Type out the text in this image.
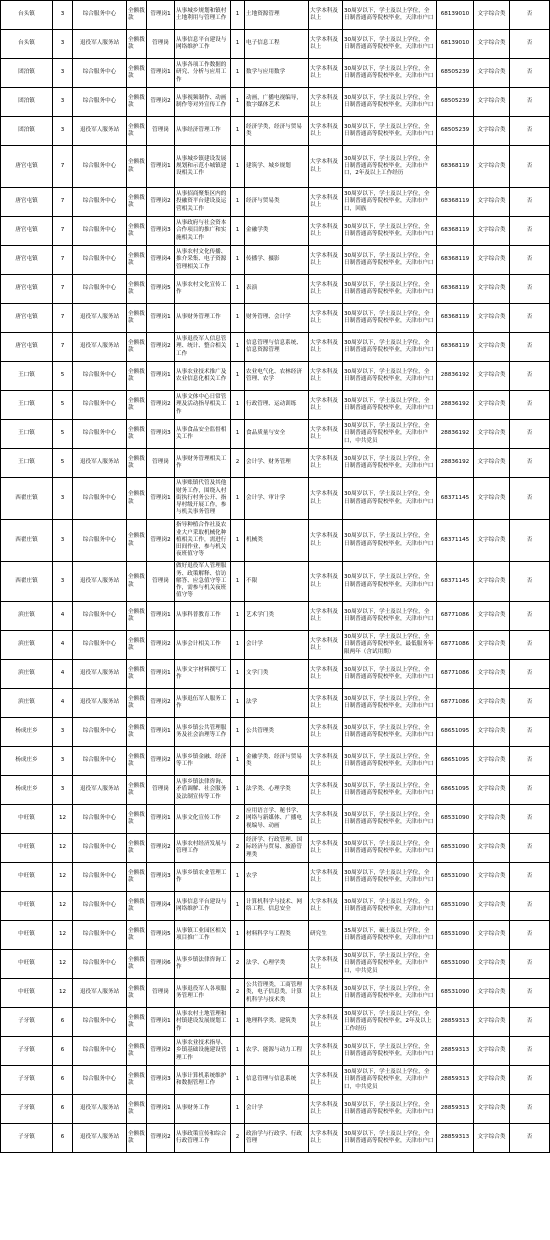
台头镇	3	综合服务中心	全额拨款	管理岗1	从事城乡规划和镇村土地利用与管理工作	1	土地资源管理	大学本科及以上	30周岁以下，学士及以上学位，全日制普通高等院校毕业，天津市户口	68139010	文字综合类	否
台头镇	3	退役军人服务站	全额拨款	管理岗	从事信息平台建设与网络维护工作	1	电子信息工程	大学本科及以上	30周岁以下，学士及以上学位，全日制普通高等院校毕业，天津市户口	68139010	文字综合类	否
团泊镇	3	综合服务中心	全额拨款	管理岗1	从事各项工作数据的研究、分析与应用工作	1	数学与应用数学	大学本科及以上	30周岁以下，学士及以上学位，全日制普通高等院校毕业，天津市户口	68505239	文字综合类	否
团泊镇	3	综合服务中心	全额拨款	管理岗2	从事视频制作、动画制作等对外宣传工作	1	动画，广播电视编导，数字媒体艺术	大学本科及以上	30周岁以下，学士及以上学位，全日制普通高等院校毕业，天津市户口	68505239	文字综合类	否
团泊镇	3	退役军人服务站	全额拨款	管理岗	从事经济管理工作	1	经济学类，经济与贸易类	大学本科及以上	30周岁以下，学士及以上学位，全日制普通高等院校毕业，天津市户口	68505239	文字综合类	否
唐官屯镇	7	综合服务中心	全额拨款	管理岗1	从事城乡镇建设发展规划和示范小城镇建设相关工作	1	建筑学、城乡规划	大学本科及以上	30周岁以下，学士及以上学位，全日制普通高等院校毕业，天津市户口，2年及以上工作经历	68368119	文字综合类	否
唐官屯镇	7	综合服务中心	全额拨款	管理岗2	从事招商聚集区内的投融资平台建设及运营相关工作	1	经济与贸易类	大学本科及以上	30周岁以下，学士及以上学位，全日制普通高等院校毕业，天津市户口，回族	68368119	文字综合类	否
唐官屯镇	7	综合服务中心	全额拨款	管理岗3	从事政府与社会资本合作项目的推广和实施相关工作	1	金融学类	大学本科及以上	30周岁以下，学士及以上学位，全日制普通高等院校毕业，天津市户口	68368119	文字综合类	否
唐官屯镇	7	综合服务中心	全额拨款	管理岗4	从事农村文化传播、推介采集、电子资源管理相关工作	1	传播学、摄影	大学本科及以上	30周岁以下，学士及以上学位，全日制普通高等院校毕业，天津市户口	68368119	文字综合类	否
唐官屯镇	7	综合服务中心	全额拨款	管理岗5	从事农村文化宣传工作	1	表演	大学本科及以上	30周岁以下，学士及以上学位，全日制普通高等院校毕业，天津市户口	68368119	文字综合类	否
唐官屯镇	7	退役军人服务站	全额拨款	管理岗1	从事财务管理工作	1	财务管理、会计学	大学本科及以上	30周岁以下，学士及以上学位，全日制普通高等院校毕业，天津市户口	68368119	文字综合类	否
唐官屯镇	7	退役军人服务站	全额拨款	管理岗2	从事退役军人信息管理、统计、整合相关工作	1	信息管理与信息系统、信息资源管理	大学本科及以上	30周岁以下，学士及以上学位，全日制普通高等院校毕业，天津市户口	68368119	文字综合类	否
王口镇	5	综合服务中心	全额拨款	管理岗1	从事农业技术推广及农业信息化相关工作	1	农业电气化、农林经济管理、农学	大学本科及以上	30周岁以下，学士及以上学位，全日制普通高等院校毕业，天津市户口	28836192	文字综合类	否
王口镇	5	综合服务中心	全额拨款	管理岗2	从事文体中心日常管理及活动指导相关工作	1	行政管理、运动训练	大学本科及以上	30周岁以下，学士及以上学位，全日制普通高等院校毕业，天津市户口	28836192	文字综合类	否
王口镇	5	综合服务中心	全额拨款	管理岗3	从事食品安全监督相关工作	1	食品质量与安全	大学本科及以上	30周岁以下，学士及以上学位，全日制普通高等院校毕业，天津市户口，中共党员	28836192	文字综合类	否
王口镇	5	退役军人服务站	全额拨款	管理岗	从事财务管理相关工作	2	会计学、财务管理	大学本科及以上	30周岁以下，学士及以上学位，全日制普通高等院校毕业，天津市户口	28836192	文字综合类	否
西翟庄镇	3	综合服务中心	全额拨款	管理岗1	从事账镇代管及其他财务工作，围绕入村街执行村务公开、指导村级开展工作，参与机关事务管理	1	会计学、审计学	大学本科及以上	30周岁以下，学士及以上学位，全日制普通高等院校毕业，天津市户口	68371145	文字综合类	否
西翟庄镇	3	综合服务中心	全额拨款	管理岗2	指导种植合作社及农业大户采取机械化种植相关工作，需进行田间作业，参与机关夜班值守等	1	机械类	大学本科及以上	30周岁以下，学士及以上学位，全日制普通高等院校毕业，天津市户口	68371145	文字综合类	否
西翟庄镇	3	退役军人服务站	全额拨款	管理岗	做好退役军人管理服务、政策解释、信访解答、应急值守等工作，需参与机关夜班值守等	1	不限	大学本科及以上	30周岁以下，学士及以上学位，全日制普通高等院校毕业，天津市户口	68371145	文字综合类	否
滨庄镇	4	综合服务中心	全额拨款	管理岗1	从事科普教育工作	1	艺术学门类	大学本科及以上	30周岁以下，学士及以上学位，全日制普通高等院校毕业，天津市户口	68771086	文字综合类	否
滨庄镇	4	综合服务中心	全额拨款	管理岗2	从事会计相关工作	1	会计学	大学本科及以上	30周岁以下，学士及以上学位，全日制普通高等院校毕业，最低服务年限两年（含试用期）	68771086	文字综合类	否
滨庄镇	4	退役军人服务站	全额拨款	管理岗1	从事文字材料撰写工作	1	文学门类	大学本科及以上	30周岁以下，学士及以上学位，全日制普通高等院校毕业，天津市户口	68771086	文字综合类	否
滨庄镇	4	退役军人服务站	全额拨款	管理岗2	从事退伍军人服务工作	1	法学	大学本科及以上	30周岁以下，学士及以上学位，全日制普通高等院校毕业，天津市户口	68771086	文字综合类	否
杨成庄乡	3	综合服务中心	全额拨款	管理岗1	从事乡镇公共管理服务及社会治理等工作	1	公共管理类	大学本科及以上	30周岁以下，学士及以上学位，全日制普通高等院校毕业，天津市户口	68651095	文字综合类	否
杨成庄乡	3	综合服务中心	全额拨款	管理岗2	从事乡镇金融、经济等工作	1	金融学类、经济与贸易类	大学本科及以上	30周岁以下，学士及以上学位，全日制普通高等院校毕业，天津市户口	68651095	文字综合类	否
杨成庄乡	3	退役军人服务站	全额拨款	管理岗	从事乡镇法律咨询、矛盾调解、社会服务及法制宣传等工作	1	法学类、心理学类	大学本科及以上	30周岁以下，学士及以上学位，全日制普通高等院校毕业，天津市户口	68651095	文字综合类	否
中旺镇	12	综合服务中心	全额拨款	管理岗1	从事文化宣传工作	2	应用语言学、秘书学、网络与新媒体、广播电视编导、动画	大学本科及以上	30周岁以下，学士及以上学位，全日制普通高等院校毕业，天津市户口	68531090	文字综合类	否
中旺镇	12	综合服务中心	全额拨款	管理岗2	从事农村经济发展与管理工作	2	经济学、行政管理、国际经济与贸易、旅游管理类	大学本科及以上	30周岁以下，学士及以上学位，全日制普通高等院校毕业，天津市户口	68531090	文字综合类	否
中旺镇	12	综合服务中心	全额拨款	管理岗3	从事乡镇农业管理工作	1	农学	大学本科及以上	30周岁以下，学士及以上学位，全日制普通高等院校毕业，天津市户口	68531090	文字综合类	否
中旺镇	12	综合服务中心	全额拨款	管理岗4	从事信息平台建设与网络维护工作	1	计算机科学与技术、网络工程、信息安全	大学本科及以上	30周岁以下，学士及以上学位，全日制普通高等院校毕业，天津市户口	68531090	文字综合类	否
中旺镇	12	综合服务中心	全额拨款	管理岗5	从事镇工业园区相关项目推广工作	1	材料科学与工程类	研究生	35周岁以下，硕士及以上学位，全日制普通高等院校毕业，天津市户口	68531090	文字综合类	否
中旺镇	12	综合服务中心	全额拨款	管理岗6	从事乡镇法律咨询工作	2	法学、心理学类	大学本科及以上	30周岁以下，学士及以上学位，全日制普通高等院校毕业，天津市户口，中共党员	68531090	文字综合类	否
中旺镇	12	退役军人服务站	全额拨款	管理岗	从事退役军人各项服务管理工作	2	公共管理类，工商管理类，电子信息类，计算机科学与技术类	大学本科及以上	30周岁以下，学士及以上学位，全日制普通高等院校毕业，天津市户口	68531090	文字综合类	否
子牙镇	6	综合服务中心	全额拨款	管理岗1	从事农村土地管理和村镇建设发展规划工作	1	地理科学类、建筑类	大学本科及以上	30周岁以下，学士及以上学位，全日制普通高等院校毕业，2年及以上工作经历	28859313	文字综合类	否
子牙镇	6	综合服务中心	全额拨款	管理岗2	从事农业技术指导、乡镇基础设施建设管理工作	1	农学、能源与动力工程	大学本科及以上	30周岁以下，学士及以上学位，全日制普通高等院校毕业，天津市户口	28859313	文字综合类	否
子牙镇	6	综合服务中心	全额拨款	管理岗3	从事计算机系统维护和数据管理工作	1	信息管理与信息系统	大学本科及以上	30周岁以下，学士及以上学位，全日制普通高等院校毕业，天津市户口，中共党员	28859313	文字综合类	否
子牙镇	6	退役军人服务站	全额拨款	管理岗1	从事财务工作	1	会计学	大学本科及以上	30周岁以下，学士及以上学位，全日制普通高等院校毕业，天津市户口	28859313	文字综合类	否
子牙镇	6	退役军人服务站	全额拨款	管理岗2	从事政策宣传和综合行政管理工作	2	政治学与行政学、行政管理	大学本科及以上	30周岁以下，学士及以上学位，全日制普通高等院校毕业，天津市户口	28859313	文字综合类	否
